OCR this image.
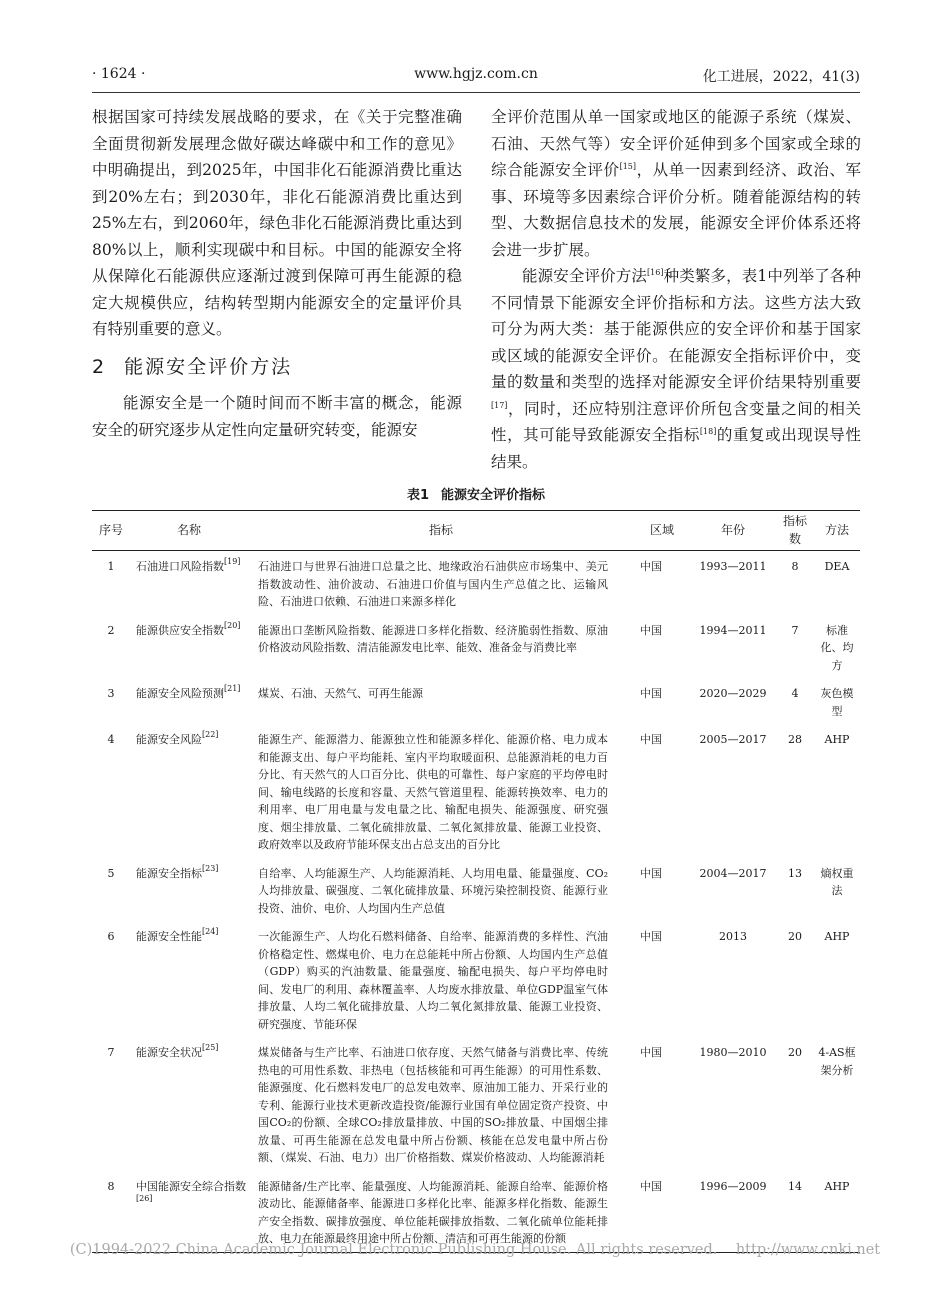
· 1624 ·	www.hgjz.com.cn	化工进展，2022，41(3)

根据国家可持续发展战略的要求，在《关于完整准确全面贯彻新发展理念做好碳达峰碳中和工作的意见》中明确提出，到2025年，中国非化石能源消费比重达到20%左右；到2030年，非化石能源消费比重达到25%左右，到2060年，绿色非化石能源消费比重达到80%以上，顺利实现碳中和目标。中国的能源安全将从保障化石能源供应逐渐过渡到保障可再生能源的稳定大规模供应，结构转型期内能源安全的定量评价具有特别重要的意义。

2 能源安全评价方法

能源安全是一个随时间而不断丰富的概念，能源安全的研究逐步从定性向定量研究转变，能源安

全评价范围从单一国家或地区的能源子系统（煤炭、石油、天然气等）安全评价延伸到多个国家或全球的综合能源安全评价[15]，从单一因素到经济、政治、军事、环境等多因素综合评价分析。随着能源结构的转型、大数据信息技术的发展，能源安全评价体系还将会进一步扩展。

能源安全评价方法[16]种类繁多，表1中列举了各种不同情景下能源安全评价指标和方法。这些方法大致可分为两大类：基于能源供应的安全评价和基于国家或区域的能源安全评价。在能源安全指标评价中，变量的数量和类型的选择对能源安全评价结果特别重要[17]，同时，还应特别注意评价所包含变量之间的相关性，其可能导致能源安全指标[18]的重复或出现误导性结果。

表1 能源安全评价指标
序号	名称	指标	区域	年份	指标数	方法
1	石油进口风险指数[19]	石油进口与世界石油进口总量之比、地缘政治石油供应市场集中、美元指数波动性、油价波动、石油进口价值与国内生产总值之比、运输风险、石油进口依赖、石油进口来源多样化	中国	1993—2011	8	DEA
2	能源供应安全指数[20]	能源出口垄断风险指数、能源进口多样化指数、经济脆弱性指数、原油价格波动风险指数、清洁能源发电比率、能效、准备金与消费比率	中国	1994—2011	7	标准化、均方
3	能源安全风险预测[21]	煤炭、石油、天然气、可再生能源	中国	2020—2029	4	灰色模型
4	能源安全风险[22]	能源生产、能源潜力、能源独立性和能源多样化、能源价格、电力成本和能源支出、每户平均能耗、室内平均取暖面积、总能源消耗的电力百分比、有天然气的人口百分比、供电的可靠性、每户家庭的平均停电时间、输电线路的长度和容量、天然气管道里程、能源转换效率、电力的利用率、电厂用电量与发电量之比、输配电损失、能源强度、研究强度、烟尘排放量、二氧化硫排放量、二氧化氮排放量、能源工业投资、政府效率以及政府节能环保支出占总支出的百分比	中国	2005—2017	28	AHP
5	能源安全指标[23]	自给率、人均能源生产、人均能源消耗、人均用电量、能量强度、CO₂人均排放量、碳强度、二氧化硫排放量、环境污染控制投资、能源行业投资、油价、电价、人均国内生产总值	中国	2004—2017	13	熵权重法
6	能源安全性能[24]	一次能源生产、人均化石燃料储备、自给率、能源消费的多样性、汽油价格稳定性、燃煤电价、电力在总能耗中所占份额、人均国内生产总值（GDP）购买的汽油数量、能量强度、输配电损失、每户平均停电时间、发电厂的利用、森林覆盖率、人均废水排放量、单位GDP温室气体排放量、人均二氧化硫排放量、人均二氧化氮排放量、能源工业投资、研究强度、节能环保	中国	2013	20	AHP
7	能源安全状况[25]	煤炭储备与生产比率、石油进口依存度、天然气储备与消费比率、传统热电的可用性系数、非热电（包括核能和可再生能源）的可用性系数、能源强度、化石燃料发电厂的总发电效率、原油加工能力、开采行业的专利、能源行业技术更新改造投资/能源行业国有单位固定资产投资、中国CO₂的份额、全球CO₂排放量排放、中国的SO₂排放量、中国烟尘排放量、可再生能源在总发电量中所占份额、核能在总发电量中所占份额、（煤炭、石油、电力）出厂价格指数、煤炭价格波动、人均能源消耗	中国	1980—2010	20	4-AS框架分析
8	中国能源安全综合指数[26]	能源储备/生产比率、能量强度、人均能源消耗、能源自给率、能源价格波动比、能源储备率、能源进口多样化比率、能源多样化指数、能源生产安全指数、碳排放强度、单位能耗碳排放指数、二氧化硫单位能耗排放、电力在能源最终用途中所占份额、清洁和可再生能源的份额	中国	1996—2009	14	AHP
(C)1994-2022 China Academic Journal Electronic Publishing House. All rights reserved.    http://www.cnki.net
